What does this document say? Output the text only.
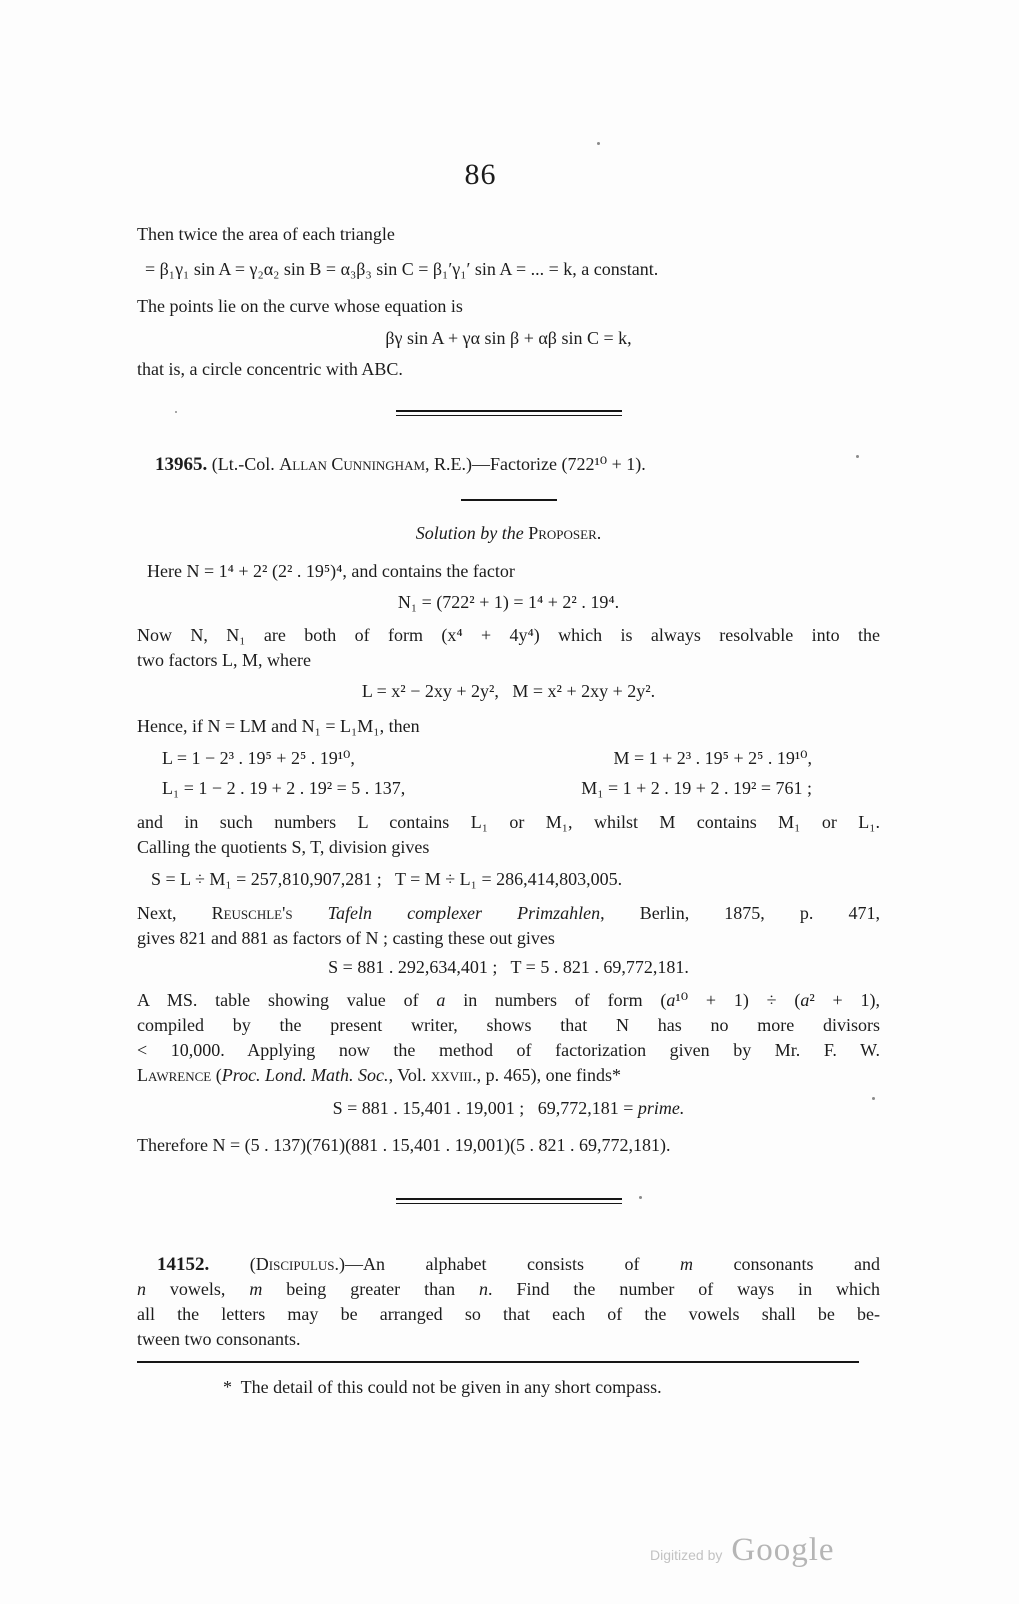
86

Then twice the area of each triangle

= β₁γ₁ sin A = γ₂α₂ sin B = α₃β₃ sin C = β₁′γ₁′ sin A = ... = k, a constant.

The points lie on the curve whose equation is

βγ sin A + γα sin β + αβ sin C = k,

that is, a circle concentric with ABC.

13965. (Lt.-Col. Allan Cunningham, R.E.)—Factorize (722¹⁰ + 1).

Solution by the Proposer.

Here N = 1⁴ + 2² (2² . 19⁵)⁴, and contains the factor

N₁ = (722² + 1) = 1⁴ + 2² . 19⁴.

Now N, N₁ are both of form (x⁴ + 4y⁴) which is always resolvable into the

two factors L, M, where

L = x² − 2xy + 2y²,   M = x² + 2xy + 2y².

Hence, if N = LM and N₁ = L₁M₁, then

L = 1 − 2³ . 19⁵ + 2⁵ . 19¹⁰,	M = 1 + 2³ . 19⁵ + 2⁵ . 19¹⁰,
L₁ = 1 − 2 . 19 + 2 . 19² = 5 . 137,	M₁ = 1 + 2 . 19 + 2 . 19² = 761 ;

and in such numbers L contains L₁ or M₁, whilst M contains M₁ or L₁.

Calling the quotients S, T, division gives

S = L ÷ M₁ = 257,810,907,281 ;   T = M ÷ L₁ = 286,414,803,005.

Next, Reuschle's Tafeln complexer Primzahlen, Berlin, 1875, p. 471,

gives 821 and 881 as factors of N ; casting these out gives

S = 881 . 292,634,401 ;   T = 5 . 821 . 69,772,181.

A MS. table showing value of a in numbers of form (a¹⁰ + 1) ÷ (a² + 1),

compiled by the present writer, shows that N has no more divisors

< 10,000. Applying now the method of factorization given by Mr. F. W.

Lawrence (Proc. Lond. Math. Soc., Vol. xxviii., p. 465), one finds*

S = 881 . 15,401 . 19,001 ;   69,772,181 = prime.

Therefore N = (5 . 137)(761)(881 . 15,401 . 19,001)(5 . 821 . 69,772,181).

14152. (Discipulus.)—An alphabet consists of m consonants and

n vowels, m being greater than n. Find the number of ways in which

all the letters may be arranged so that each of the vowels shall be be-

tween two consonants.

*  The detail of this could not be given in any short compass.

Digitized by Google
